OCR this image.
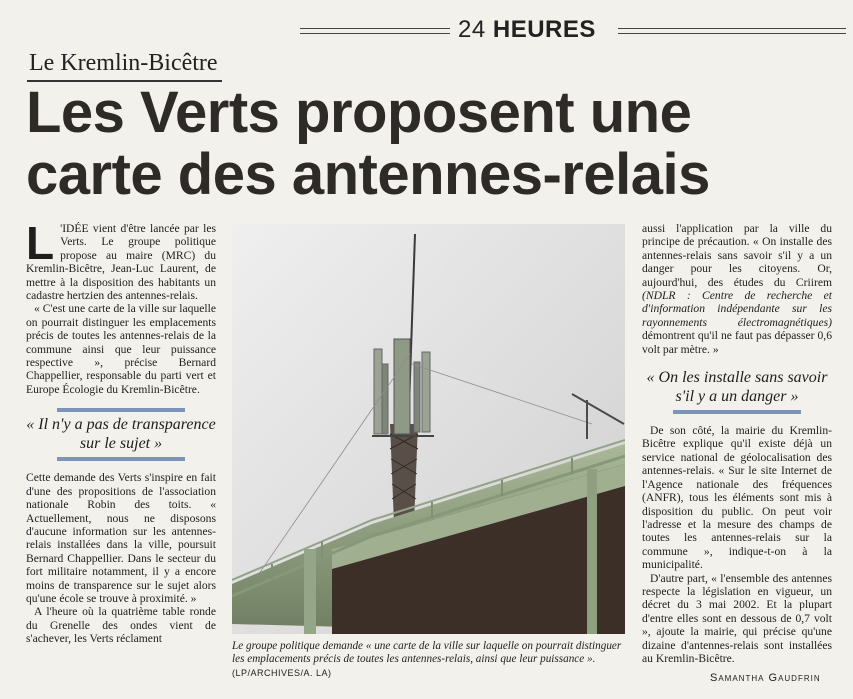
24 HEURES
Le Kremlin-Bicêtre
Les Verts proposent une
carte des antennes-relais

L 'IDÉE vient d'être lancée par les Verts. Le groupe politique propose au maire (MRC) du Kremlin-Bicêtre, Jean-Luc Laurent, de mettre à la disposition des habitants un cadastre hertzien des antennes-relais.

« C'est une carte de la ville sur laquelle on pourrait distinguer les emplacements précis de toutes les antennes-relais de la commune ainsi que leur puissance respective », précise Bernard Chappellier, responsable du parti vert et Europe Écologie du Kremlin-Bicêtre.

« Il n'y a pas de transparence sur le sujet »

Cette demande des Verts s'inspire en fait d'une des propositions de l'association nationale Robin des toits. « Actuellement, nous ne disposons d'aucune information sur les antennes-relais installées dans la ville, poursuit Bernard Chappellier. Dans le secteur du fort militaire notamment, il y a encore moins de transparence sur le sujet alors qu'une école se trouve à proximité. »

A l'heure où la quatrième table ronde du Grenelle des ondes vient de s'achever, les Verts réclament

aussi l'application par la ville du principe de précaution. « On installe des antennes-relais sans savoir s'il y a un danger pour les citoyens. Or, aujourd'hui, des études du Criirem (NDLR : Centre de recherche et d'information indépendante sur les rayonnements électromagnétiques) démontrent qu'il ne faut pas dépasser 0,6 volt par mètre. »

« On les installe sans savoir s'il y a un danger »

De son côté, la mairie du Kremlin-Bicêtre explique qu'il existe déjà un service national de géolocalisation des antennes-relais. « Sur le site Internet de l'Agence nationale des fréquences (ANFR), tous les éléments sont mis à disposition du public. On peut voir l'adresse et la mesure des champs de toutes les antennes-relais sur la commune », indique-t-on à la municipalité.

D'autre part, « l'ensemble des antennes respecte la législation en vigueur, un décret du 3 mai 2002. Et la plupart d'entre elles sont en dessous de 0,7 volt », ajoute la mairie, qui précise qu'une dizaine d'antennes-relais sont installées au Kremlin-Bicêtre.

Le groupe politique demande « une carte de la ville sur laquelle on pourrait distinguer les emplacements précis de toutes les antennes-relais, ainsi que leur puissance ». (LP/ARCHIVES/A. LA)	Samantha Gaudfrin
